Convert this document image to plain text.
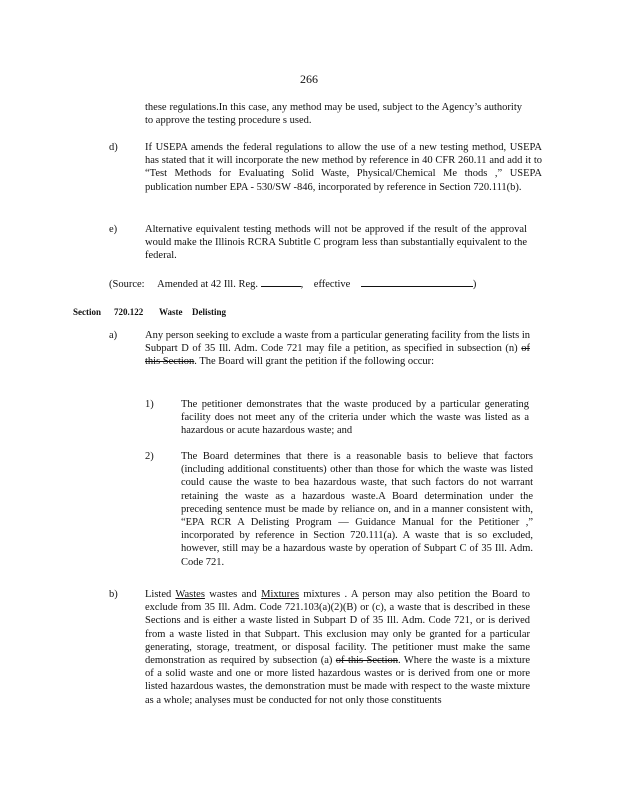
266
these regulations.In this case, any method may be used, subject to the Agency’s authority to approve the testing procedure s used.
d)	If USEPA amends the federal regulations to allow the use of a new testing method, USEPA has stated that it will incorporate the new method by reference in 40 CFR 260.11 and add it to “Test Methods for Evaluating Solid Waste, Physical/Chemical Me thods ,” USEPA publication number EPA - 530/SW -846, incorporated by reference in Section 720.111(b).
e)	Alternative equivalent testing methods will not be approved if the result of the approval would make the Illinois RCRA Subtitle C program less than substantially equivalent to the federal.
(Source: Amended at 42 Ill. Reg.	,    effective	)
Section 720.122 Waste Delisting
a)	Any person seeking to exclude a waste from a particular generating facility from the lists in Subpart D of 35 Ill. Adm. Code 721 may file a petition, as specified in subsection (n) of this Section. The Board will grant the petition if the following occur:
1)	The petitioner demonstrates that the waste produced by a particular generating facility does not meet any of the criteria under which the waste was listed as a hazardous or acute hazardous waste; and
2)	The Board determines that there is a reasonable basis to believe that factors (including additional constituents) other than those for which the waste was listed could cause the waste to bea hazardous waste, that such factors do not warrant retaining the waste as a hazardous waste.A Board determination under the preceding sentence must be made by reliance on, and in a manner consistent with, “EPA RCR A Delisting Program — Guidance Manual for the Petitioner ,” incorporated by reference in Section 720.111(a). A waste that is so excluded, however, still may be a hazardous waste by operation of Subpart C of 35 Ill. Adm. Code 721.
b)	Listed Wastes wastes and Mixtures mixtures . A person may also petition the Board to exclude from 35 Ill. Adm. Code 721.103(a)(2)(B) or (c), a waste that is described in these Sections and is either a waste listed in Subpart D of 35 Ill. Adm. Code 721, or is derived from a waste listed in that Subpart. This exclusion may only be granted for a particular generating, storage, treatment, or disposal facility. The petitioner must make the same demonstration as required by subsection (a) of this Section. Where the waste is a mixture of a solid waste and one or more listed hazardous wastes or is derived from one or more listed hazardous wastes, the demonstration must be made with respect to the waste mixture as a whole; analyses must be conducted for not only those constituents
